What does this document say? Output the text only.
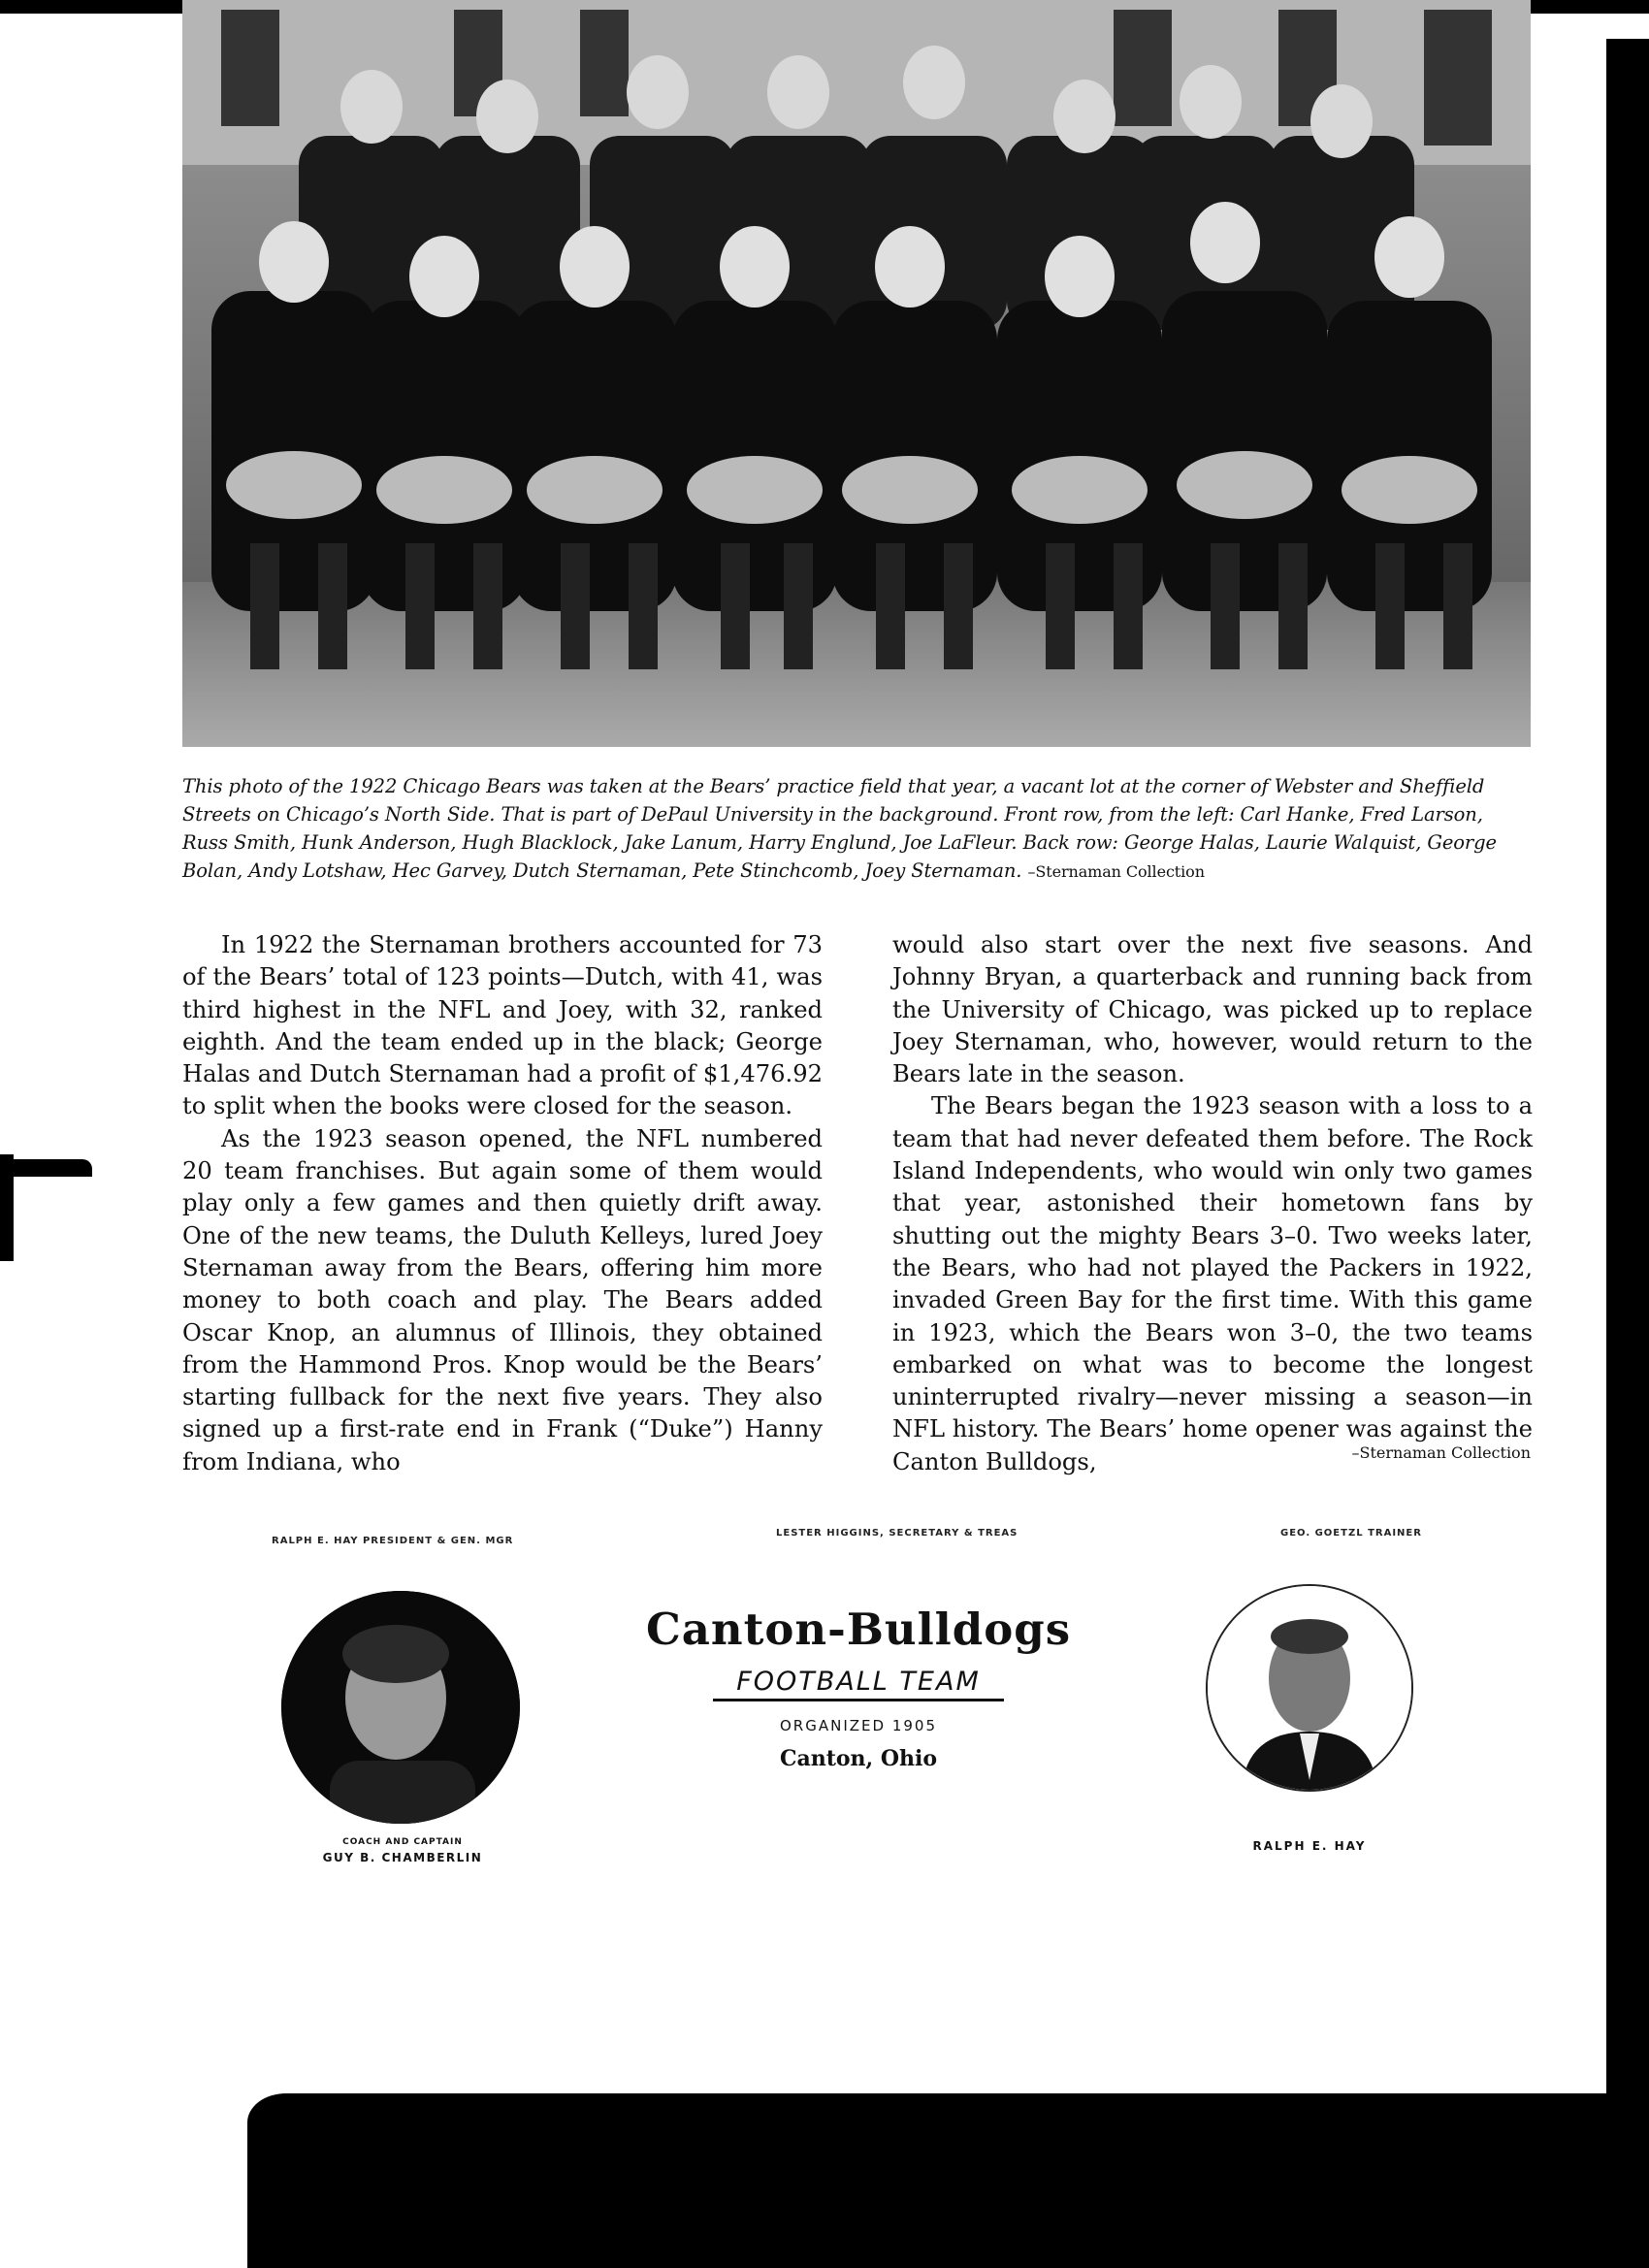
This photo of the 1922 Chicago Bears was taken at the Bears’ practice field that year, a vacant lot at the corner of Webster and Sheffield Streets on Chicago’s North Side. That is part of DePaul University in the background. Front row, from the left: Carl Hanke, Fred Larson, Russ Smith, Hunk Anderson, Hugh Blacklock, Jake Lanum, Harry Englund, Joe LaFleur. Back row: George Halas, Laurie Walquist, George Bolan, Andy Lotshaw, Hec Garvey, Dutch Sternaman, Pete Stinchcomb, Joey Sternaman. –Sternaman Collection

In 1922 the Sternaman brothers accounted for 73 of the Bears’ total of 123 points—Dutch, with 41, was third highest in the NFL and Joey, with 32, ranked eighth. And the team ended up in the black; George Halas and Dutch Sternaman had a profit of $1,476.92 to split when the books were closed for the season.

As the 1923 season opened, the NFL numbered 20 team franchises. But again some of them would play only a few games and then quietly drift away. One of the new teams, the Duluth Kelleys, lured Joey Sternaman away from the Bears, offering him more money to both coach and play. The Bears added Oscar Knop, an alumnus of Illinois, they obtained from the Hammond Pros. Knop would be the Bears’ starting fullback for the next five years. They also signed up a first-rate end in Frank (“Duke”) Hanny from Indiana, who

would also start over the next five seasons. And Johnny Bryan, a quarterback and running back from the University of Chicago, was picked up to replace Joey Sternaman, who, however, would return to the Bears late in the season.

The Bears began the 1923 season with a loss to a team that had never defeated them before. The Rock Island Independents, who would win only two games that year, astonished their hometown fans by shutting out the mighty Bears 3–0. Two weeks later, the Bears, who had not played the Packers in 1922, invaded Green Bay for the first time. With this game in 1923, which the Bears won 3–0, the two teams embarked on what was to become the longest uninterrupted rivalry—never missing a season—in NFL history. The Bears’ home opener was against the Canton Bulldogs,	–Sternaman Collection
RALPH E. HAY PRESIDENT & GEN. MGR
LESTER HIGGINS, SECRETARY & TREAS	GEO. GOETZL TRAINER
Canton-Bulldogs
FOOTBALL TEAM
ORGANIZED 1905
Canton, Ohio
COACH AND CAPTAIN
GUY B. CHAMBERLIN
RALPH E. HAY
